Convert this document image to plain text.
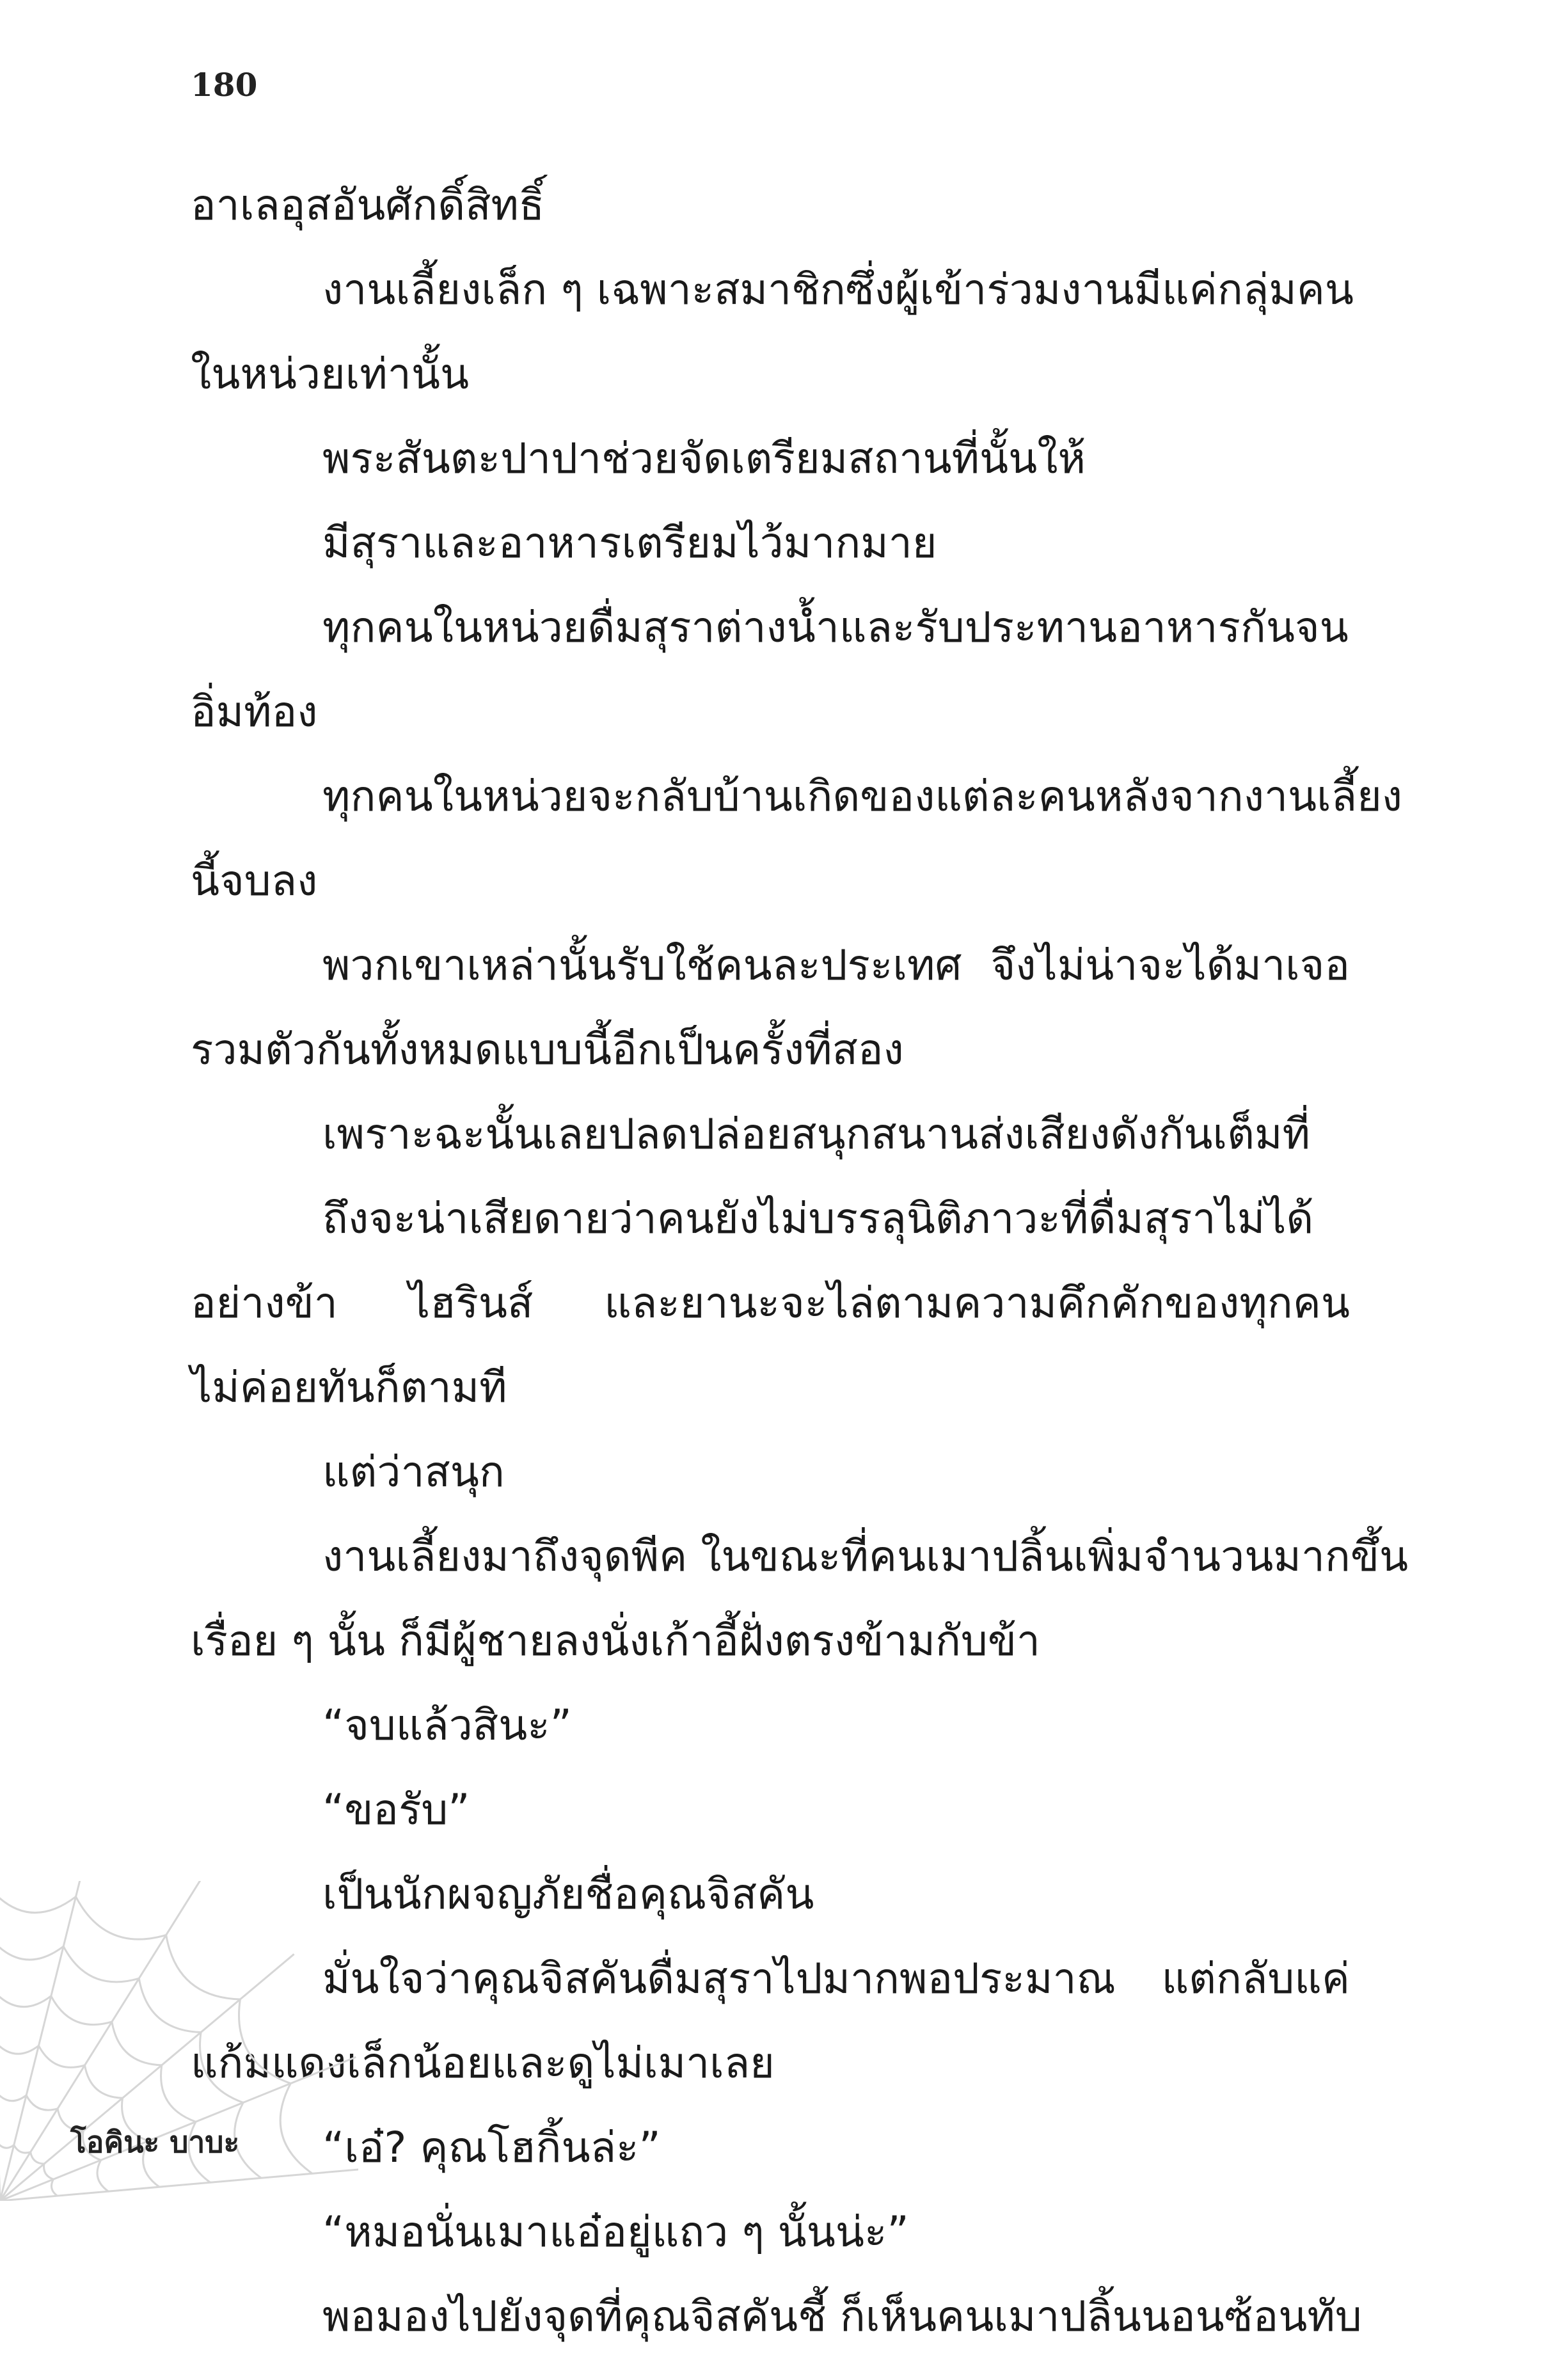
180
อาเลอุสอันศักดิ์สิทธิ์
งานเลี้ยงเล็ก ๆ เฉพาะสมาชิกซึ่งผู้เข้าร่วมงานมีแค่กลุ่มคน
ในหน่วยเท่านั้น
พระสันตะปาปาช่วยจัดเตรียมสถานที่นั้นให้
มีสุราและอาหารเตรียมไว้มากมาย
ทุกคนในหน่วยดื่มสุราต่างน้ำและรับประทานอาหารกันจน
อิ่มท้อง
ทุกคนในหน่วยจะกลับบ้านเกิดของแต่ละคนหลังจากงานเลี้ยง
นี้จบลง
พวกเขาเหล่านั้นรับใช้คนละประเทศ จึงไม่น่าจะได้มาเจอ
รวมตัวกันทั้งหมดแบบนี้อีกเป็นครั้งที่สอง
เพราะฉะนั้นเลยปลดปล่อยสนุกสนานส่งเสียงดังกันเต็มที่
ถึงจะน่าเสียดายว่าคนยังไม่บรรลุนิติภาวะที่ดื่มสุราไม่ได้
อย่างข้า ไฮรินส์ และยานะจะไล่ตามความคึกคักของทุกคน
ไม่ค่อยทันก็ตามที
แต่ว่าสนุก
งานเลี้ยงมาถึงจุดพีค ในขณะที่คนเมาปลิ้นเพิ่มจำนวนมากขึ้น
เรื่อย ๆ นั้น ก็มีผู้ชายลงนั่งเก้าอี้ฝั่งตรงข้ามกับข้า
“จบแล้วสินะ”
“ขอรับ”
เป็นนักผจญภัยชื่อคุณจิสคัน
มั่นใจว่าคุณจิสคันดื่มสุราไปมากพอประมาณ แต่กลับแค่
แก้มแดงเล็กน้อยและดูไม่เมาเลย
“เอ๋? คุณโฮกิ้นล่ะ”
“หมอนั่นเมาแอ๋อยู่แถว ๆ นั้นน่ะ”
พอมองไปยังจุดที่คุณจิสคันชี้ ก็เห็นคนเมาปลิ้นนอนซ้อนทับ
โอคินะ บาบะ
